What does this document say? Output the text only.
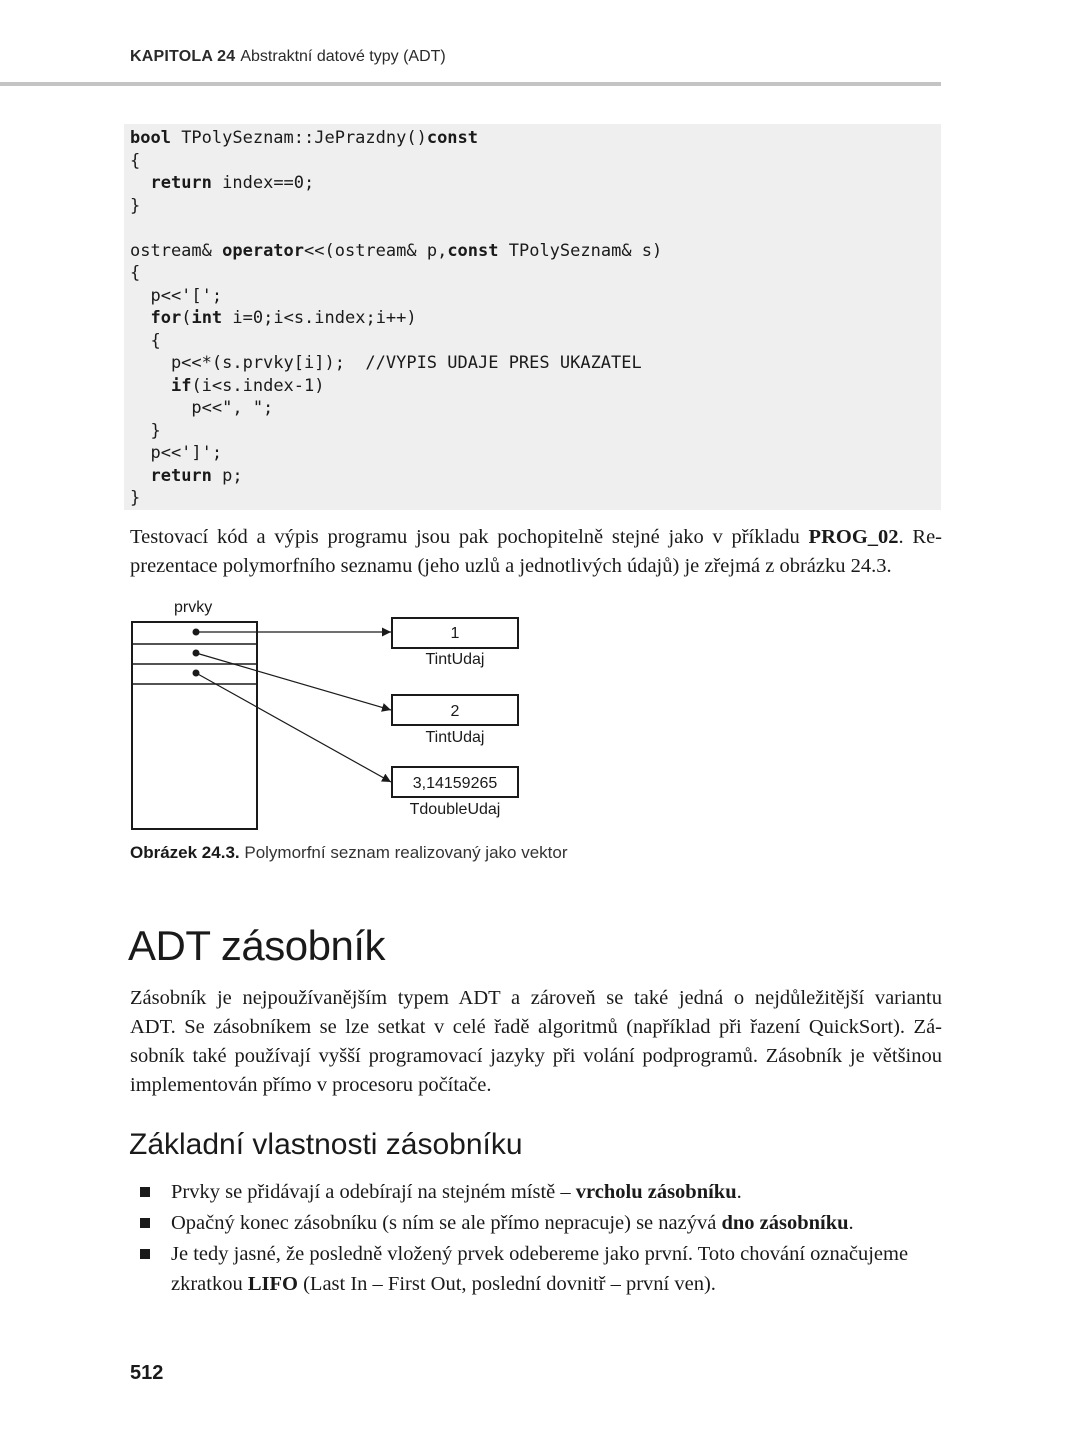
KAPITOLA 24 Abstraktní datové typy (ADT)
bool TPolySeznam::JePrazdny()const
{
return index==0;
}
ostream& operator<<(ostream& p,const TPolySeznam& s)
{
p<<'[';
for(int i=0;i<s.index;i++)
{
p<<*(s.prvky[i]);  //VYPIS UDAJE PRES UKAZATEL
if(i<s.index-1)
p<<", ";
}
p<<']';
return p;
}
Testovací kód a výpis programu jsou pak pochopitelně stejné jako v příkladu PROG_02. Re-
prezentace polymorfního seznamu (jeho uzlů a jednotlivých údajů) je zřejmá z obrázku 24.3.
prvky
1
TintUdaj
2
TintUdaj
3,14159265
TdoubleUdaj
Obrázek 24.3. Polymorfní seznam realizovaný jako vektor
ADT zásobník
Zásobník je nejpoužívanějším typem ADT a zároveň se také jedná o nejdůležitější variantu
ADT. Se zásobníkem se lze setkat v celé řadě algoritmů (například při řazení QuickSort). Zá-
sobník také používají vyšší programovací jazyky při volání podprogramů. Zásobník je většinou
implementován přímo v procesoru počítače.
Základní vlastnosti zásobníku
Prvky se přidávají a odebírají na stejném místě – vrcholu zásobníku.
Opačný konec zásobníku (s ním se ale přímo nepracuje) se nazývá dno zásobníku.
Je tedy jasné, že posledně vložený prvek odebereme jako první. Toto chování označujeme zkratkou LIFO (Last In – First Out, poslední dovnitř – první ven).
512
